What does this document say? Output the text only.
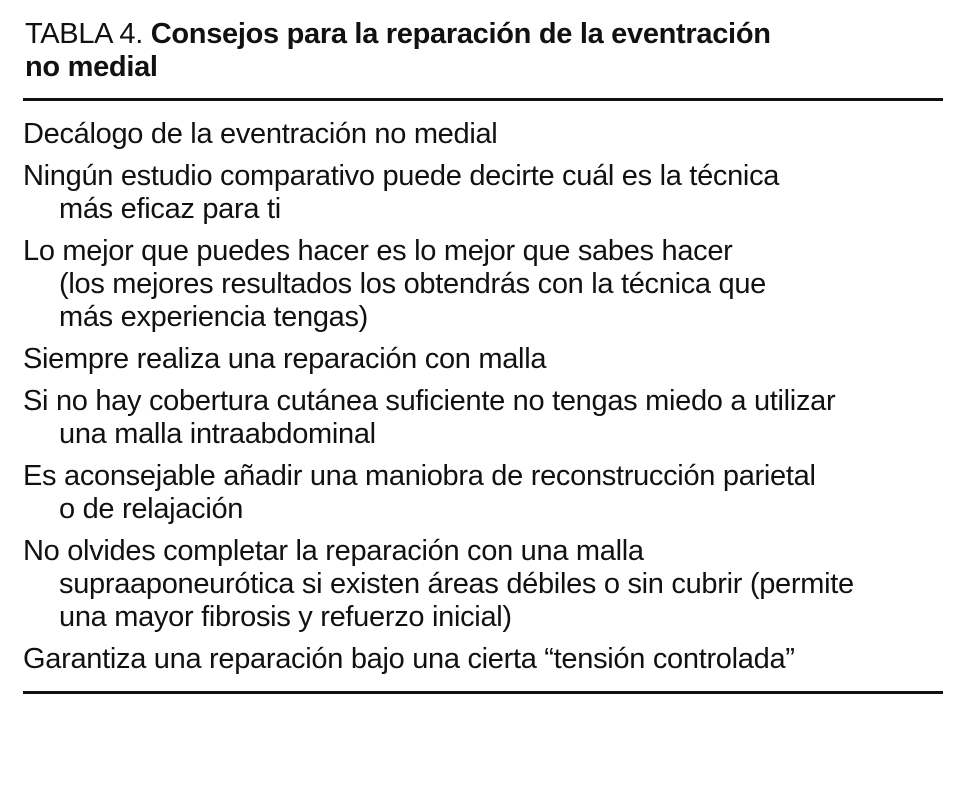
TABLA 4. Consejos para la reparación de la eventración
no medial

Decálogo de la eventración no medial

Ningún estudio comparativo puede decirte cuál es la técnica
más eficaz para ti

Lo mejor que puedes hacer es lo mejor que sabes hacer
(los mejores resultados los obtendrás con la técnica que
más experiencia tengas)

Siempre realiza una reparación con malla

Si no hay cobertura cutánea suficiente no tengas miedo a utilizar
una malla intraabdominal

Es aconsejable añadir una maniobra de reconstrucción parietal
o de relajación

No olvides completar la reparación con una malla
supraaponeurótica si existen áreas débiles o sin cubrir (permite
una mayor fibrosis y refuerzo inicial)

Garantiza una reparación bajo una cierta “tensión controlada”
